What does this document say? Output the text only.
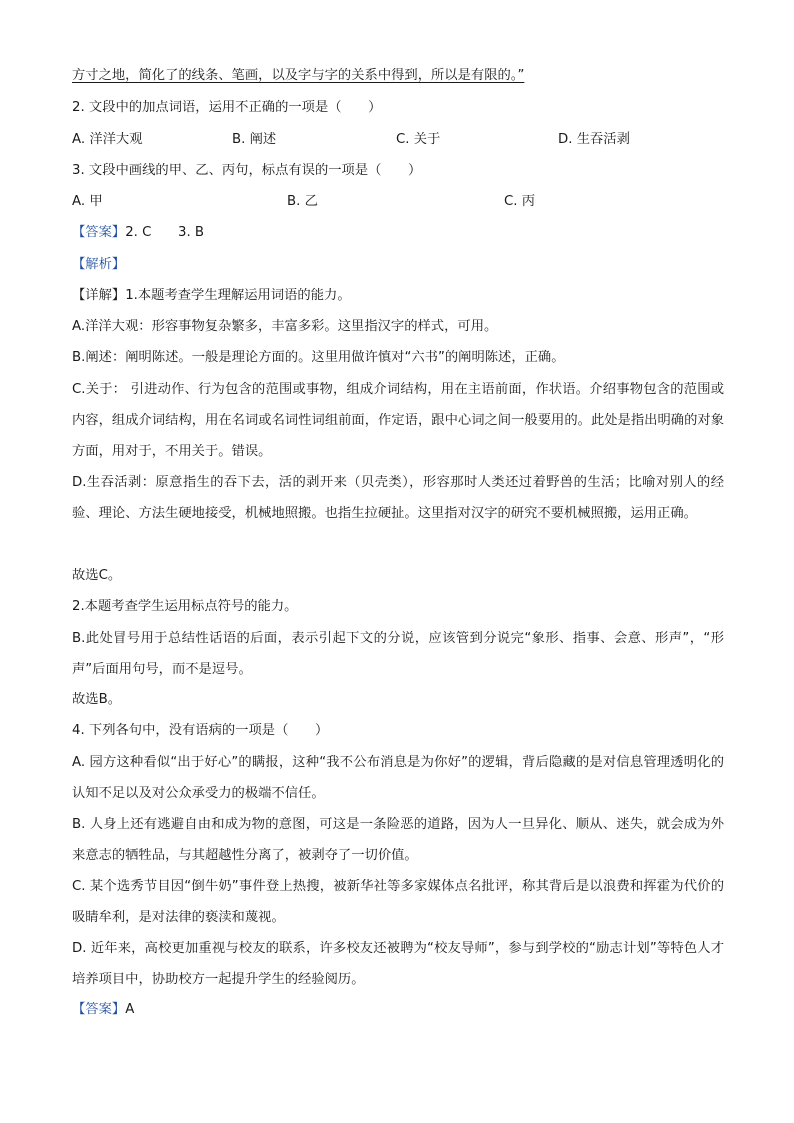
方寸之地，简化了的线条、笔画，以及字与字的关系中得到，所以是有限的。”
2. 文段中的加点词语，运用不正确的一项是（　　）
A. 洋洋大观	B. 阐述	C. 关于	D. 生吞活剥
3. 文段中画线的甲、乙、丙句，标点有误的一项是（　　）
A. 甲	B. 乙	C. 丙
【答案】2. C　　3. B
【解析】
【详解】1.本题考查学生理解运用词语的能力。
A.洋洋大观：形容事物复杂繁多，丰富多彩。这里指汉字的样式，可用。
B.阐述：阐明陈述。一般是理论方面的。这里用做许慎对“六书”的阐明陈述，正确。
C.关于： 引进动作、行为包含的范围或事物，组成介词结构，用在主语前面，作状语。介绍事物包含的范围或内容，组成介词结构，用在名词或名词性词组前面，作定语，跟中心词之间一般要用的。此处是指出明确的对象方面，用对于，不用关于。错误。
D.生吞活剥：原意指生的吞下去，活的剥开来（贝壳类），形容那时人类还过着野兽的生活；比喻对别人的经验、理论、方法生硬地接受，机械地照搬。也指生拉硬扯。这里指对汉字的研究不要机械照搬，运用正确。
故选C。
2.本题考查学生运用标点符号的能力。
B.此处冒号用于总结性话语的后面，表示引起下文的分说，应该管到分说完“象形、指事、会意、形声”，“形声”后面用句号，而不是逗号。
故选B。
4. 下列各句中，没有语病的一项是（　　）
A. 园方这种看似“出于好心”的瞒报，这种“我不公布消息是为你好”的逻辑，背后隐藏的是对信息管理透明化的认知不足以及对公众承受力的极端不信任。
B. 人身上还有逃避自由和成为物的意图，可这是一条险恶的道路，因为人一旦异化、顺从、迷失，就会成为外来意志的牺牲品，与其超越性分离了，被剥夺了一切价值。
C. 某个选秀节目因“倒牛奶”事件登上热搜，被新华社等多家媒体点名批评，称其背后是以浪费和挥霍为代价的吸睛牟利，是对法律的亵渎和蔑视。
D. 近年来，高校更加重视与校友的联系，许多校友还被聘为“校友导师”，参与到学校的“励志计划”等特色人才培养项目中，协助校方一起提升学生的经验阅历。
【答案】A
